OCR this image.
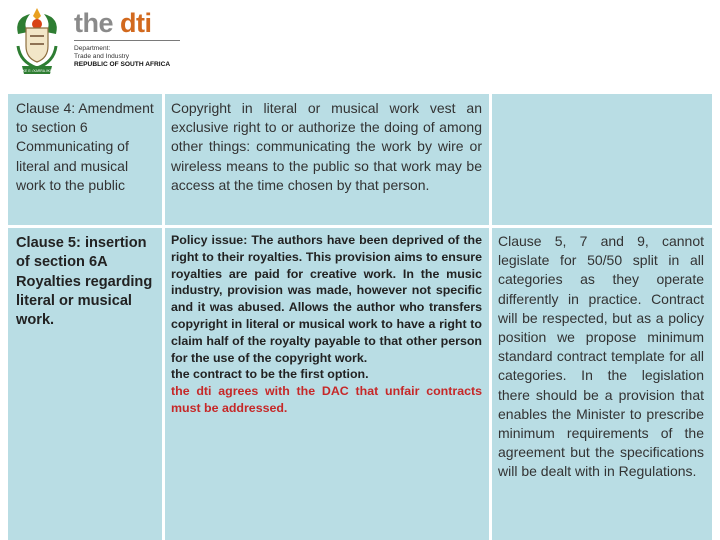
!KE E: /XARRA //KE
the dti
Department:
Trade and Industry
REPUBLIC OF SOUTH AFRICA

Clause 4: Amendment to section 6 Communicating of literal and musical work to the public

Copyright in literal or musical work vest an exclusive right to or authorize the doing of among other things: communicating the work by wire or wireless means to the public so that work may be access at the time chosen by that person.

Clause 5: insertion of section 6A Royalties regarding literal or musical work.

Policy issue: The authors have been deprived of the right to their royalties. This provision aims to ensure royalties are paid for creative work. In the music industry, provision was made, however not specific and it was abused. Allows the author who transfers copyright in literal or musical work to have a right to claim half of the royalty payable to that other person for the use of the copyright work.

the contract to be the first option.

the dti agrees with the DAC that unfair contracts must be addressed.

Clause 5, 7 and 9, cannot legislate for 50/50 split in all categories as they operate differently in practice. Contract will be respected, but as a policy position we propose minimum standard contract template for all categories. In the legislation there should be a provision that enables the Minister to prescribe minimum requirements of the agreement but the specifications will be dealt with in Regulations.
